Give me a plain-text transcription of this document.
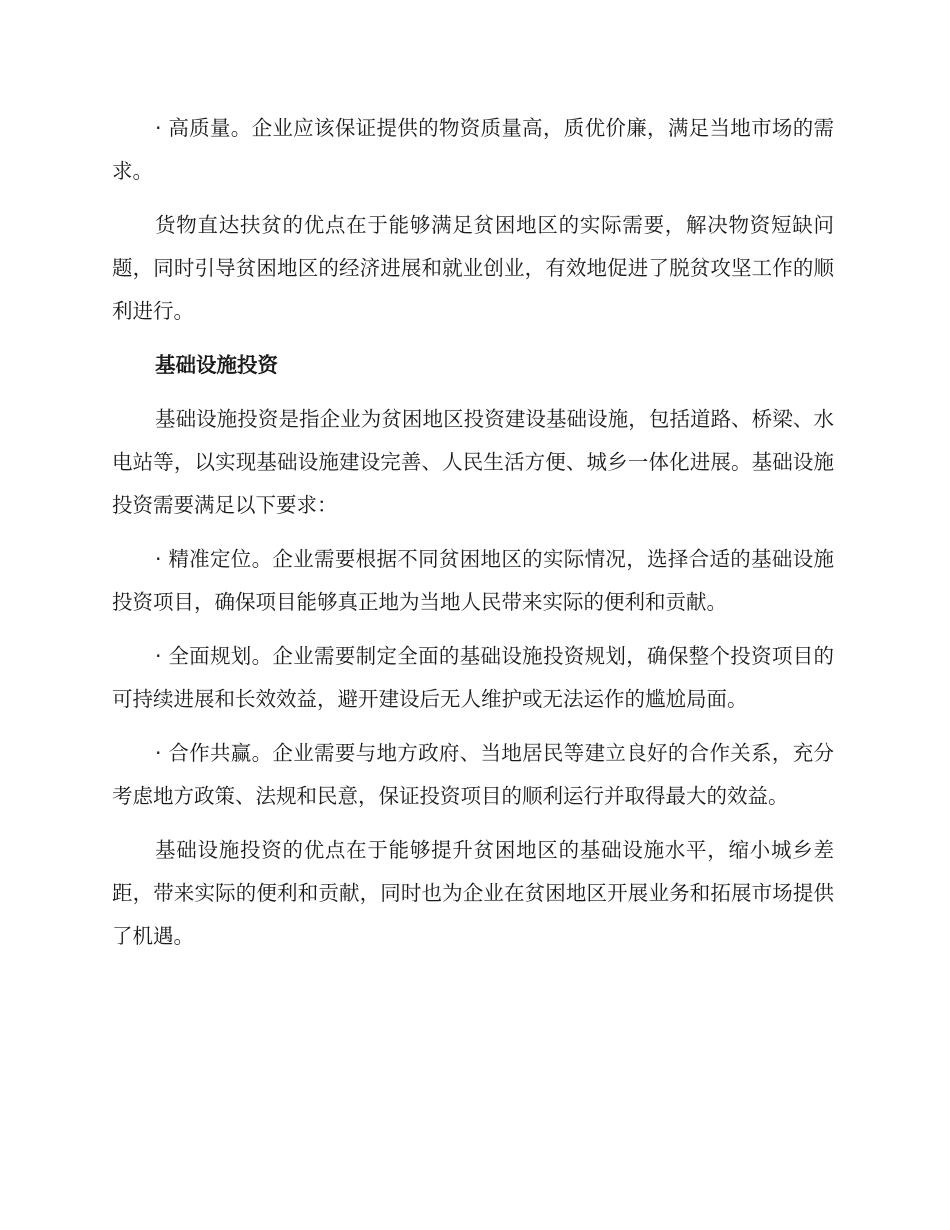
· 高质量。企业应该保证提供的物资质量高，质优价廉，满足当地市场的需求。

货物直达扶贫的优点在于能够满足贫困地区的实际需要，解决物资短缺问题，同时引导贫困地区的经济进展和就业创业，有效地促进了脱贫攻坚工作的顺利进行。

基础设施投资

基础设施投资是指企业为贫困地区投资建设基础设施，包括道路、桥梁、水电站等，以实现基础设施建设完善、人民生活方便、城乡一体化进展。基础设施投资需要满足以下要求：

· 精准定位。企业需要根据不同贫困地区的实际情况，选择合适的基础设施投资项目，确保项目能够真正地为当地人民带来实际的便利和贡献。

· 全面规划。企业需要制定全面的基础设施投资规划，确保整个投资项目的可持续进展和长效效益，避开建设后无人维护或无法运作的尴尬局面。

· 合作共赢。企业需要与地方政府、当地居民等建立良好的合作关系，充分考虑地方政策、法规和民意，保证投资项目的顺利运行并取得最大的效益。

基础设施投资的优点在于能够提升贫困地区的基础设施水平，缩小城乡差距，带来实际的便利和贡献，同时也为企业在贫困地区开展业务和拓展市场提供了机遇。
